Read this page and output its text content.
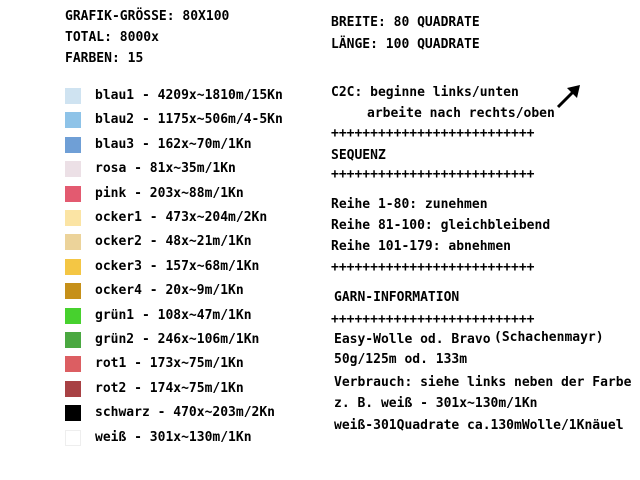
GRAFIK-GRÖSSE: 80X100
TOTAL: 8000x
FARBEN: 15
BREITE: 80 QUADRATE
LÄNGE: 100 QUADRATE
blau1 - 4209x~1810m/15Kn
blau2 - 1175x~506m/4-5Kn
blau3 - 162x~70m/1Kn
rosa - 81x~35m/1Kn
pink - 203x~88m/1Kn
ocker1 - 473x~204m/2Kn
ocker2 - 48x~21m/1Kn
ocker3 - 157x~68m/1Kn
ocker4 - 20x~9m/1Kn
grün1 - 108x~47m/1Kn
grün2 - 246x~106m/1Kn
rot1 - 173x~75m/1Kn
rot2 - 174x~75m/1Kn
schwarz - 470x~203m/2Kn
weiß - 301x~130m/1Kn
C2C: beginne links/unten
arbeite nach rechts/oben
++++++++++++++++++++++++++
SEQUENZ
++++++++++++++++++++++++++
Reihe 1-80: zunehmen
Reihe 81-100: gleichbleibend
Reihe 101-179: abnehmen
++++++++++++++++++++++++++
GARN-INFORMATION
++++++++++++++++++++++++++
Easy-Wolle od. Bravo (Schachenmayr)
50g/125m od. 133m
Verbrauch: siehe links neben der Farbe
z. B. weiß - 301x~130m/1Kn
weiß-301Quadrate ca.130mWolle/1Knäuel
